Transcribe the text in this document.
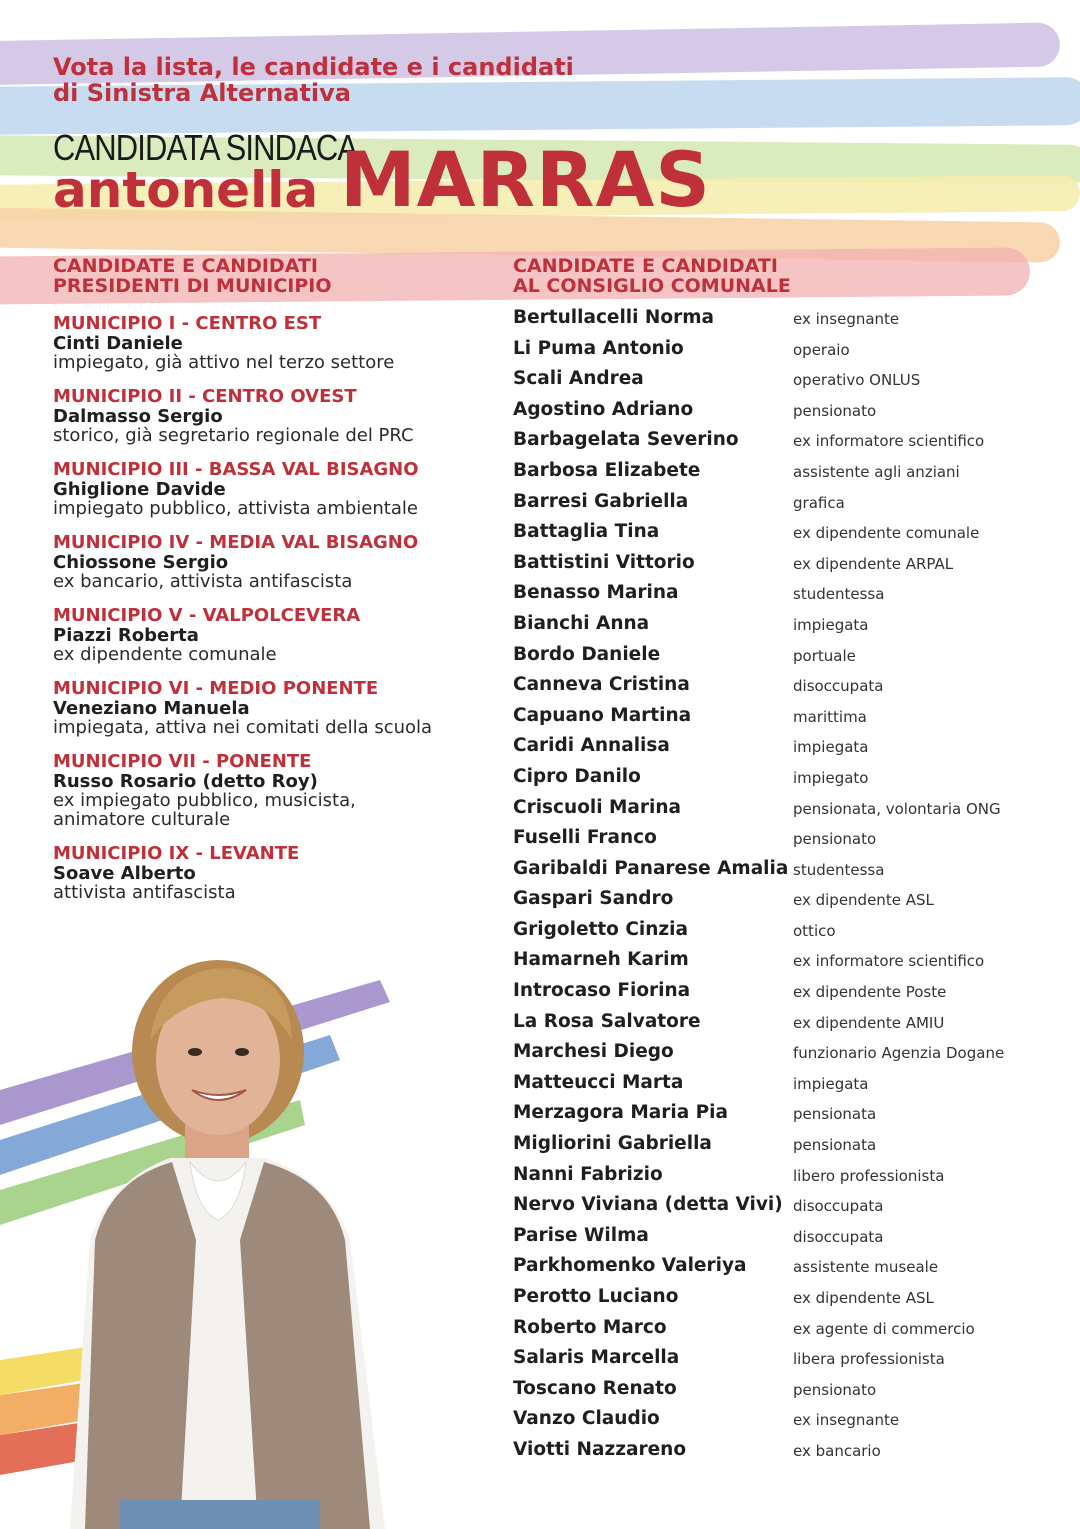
Vota la lista, le candidate e i candidati
di Sinistra Alternativa
CANDIDATA SINDACA
antonella MARRAS
CANDIDATE E CANDIDATI
PRESIDENTI DI MUNICIPIO
CANDIDATE E CANDIDATI
AL CONSIGLIO COMUNALE
MUNICIPIO I - CENTRO EST
Cinti Daniele
impiegato, già attivo nel terzo settore
MUNICIPIO II - CENTRO OVEST
Dalmasso Sergio
storico, già segretario regionale del PRC
MUNICIPIO III - BASSA VAL BISAGNO
Ghiglione Davide
impiegato pubblico, attivista ambientale
MUNICIPIO IV - MEDIA VAL BISAGNO
Chiossone Sergio
ex bancario, attivista antifascista
MUNICIPIO V - VALPOLCEVERA
Piazzi Roberta
ex dipendente comunale
MUNICIPIO VI - MEDIO PONENTE
Veneziano Manuela
impiegata, attiva nei comitati della scuola
MUNICIPIO VII - PONENTE
Russo Rosario (detto Roy)
ex impiegato pubblico, musicista, animatore culturale
MUNICIPIO IX - LEVANTE
Soave Alberto
attivista antifascista
Bertullacelli Norma	ex insegnante
Li Puma Antonio	operaio
Scali Andrea	operativo ONLUS
Agostino Adriano	pensionato
Barbagelata Severino	ex informatore scientifico
Barbosa Elizabete	assistente agli anziani
Barresi Gabriella	grafica
Battaglia Tina	ex dipendente comunale
Battistini Vittorio	ex dipendente ARPAL
Benasso Marina	studentessa
Bianchi Anna	impiegata
Bordo Daniele	portuale
Canneva Cristina	disoccupata
Capuano Martina	marittima
Caridi Annalisa	impiegata
Cipro Danilo	impiegato
Criscuoli Marina	pensionata, volontaria ONG
Fuselli Franco	pensionato
Garibaldi Panarese Amalia studentessa
Gaspari Sandro	ex dipendente ASL
Grigoletto Cinzia	ottico
Hamarneh Karim	ex informatore scientifico
Introcaso Fiorina	ex dipendente Poste
La Rosa Salvatore	ex dipendente AMIU
Marchesi Diego	funzionario Agenzia Dogane
Matteucci Marta	impiegata
Merzagora Maria Pia	pensionata
Migliorini Gabriella	pensionata
Nanni Fabrizio	libero professionista
Nervo Viviana (detta Vivi) disoccupata
Parise Wilma	disoccupata
Parkhomenko Valeriya	assistente museale
Perotto Luciano	ex dipendente ASL
Roberto Marco	ex agente di commercio
Salaris Marcella	libera professionista
Toscano Renato	pensionato
Vanzo Claudio	ex insegnante
Viotti Nazzareno	ex bancario
